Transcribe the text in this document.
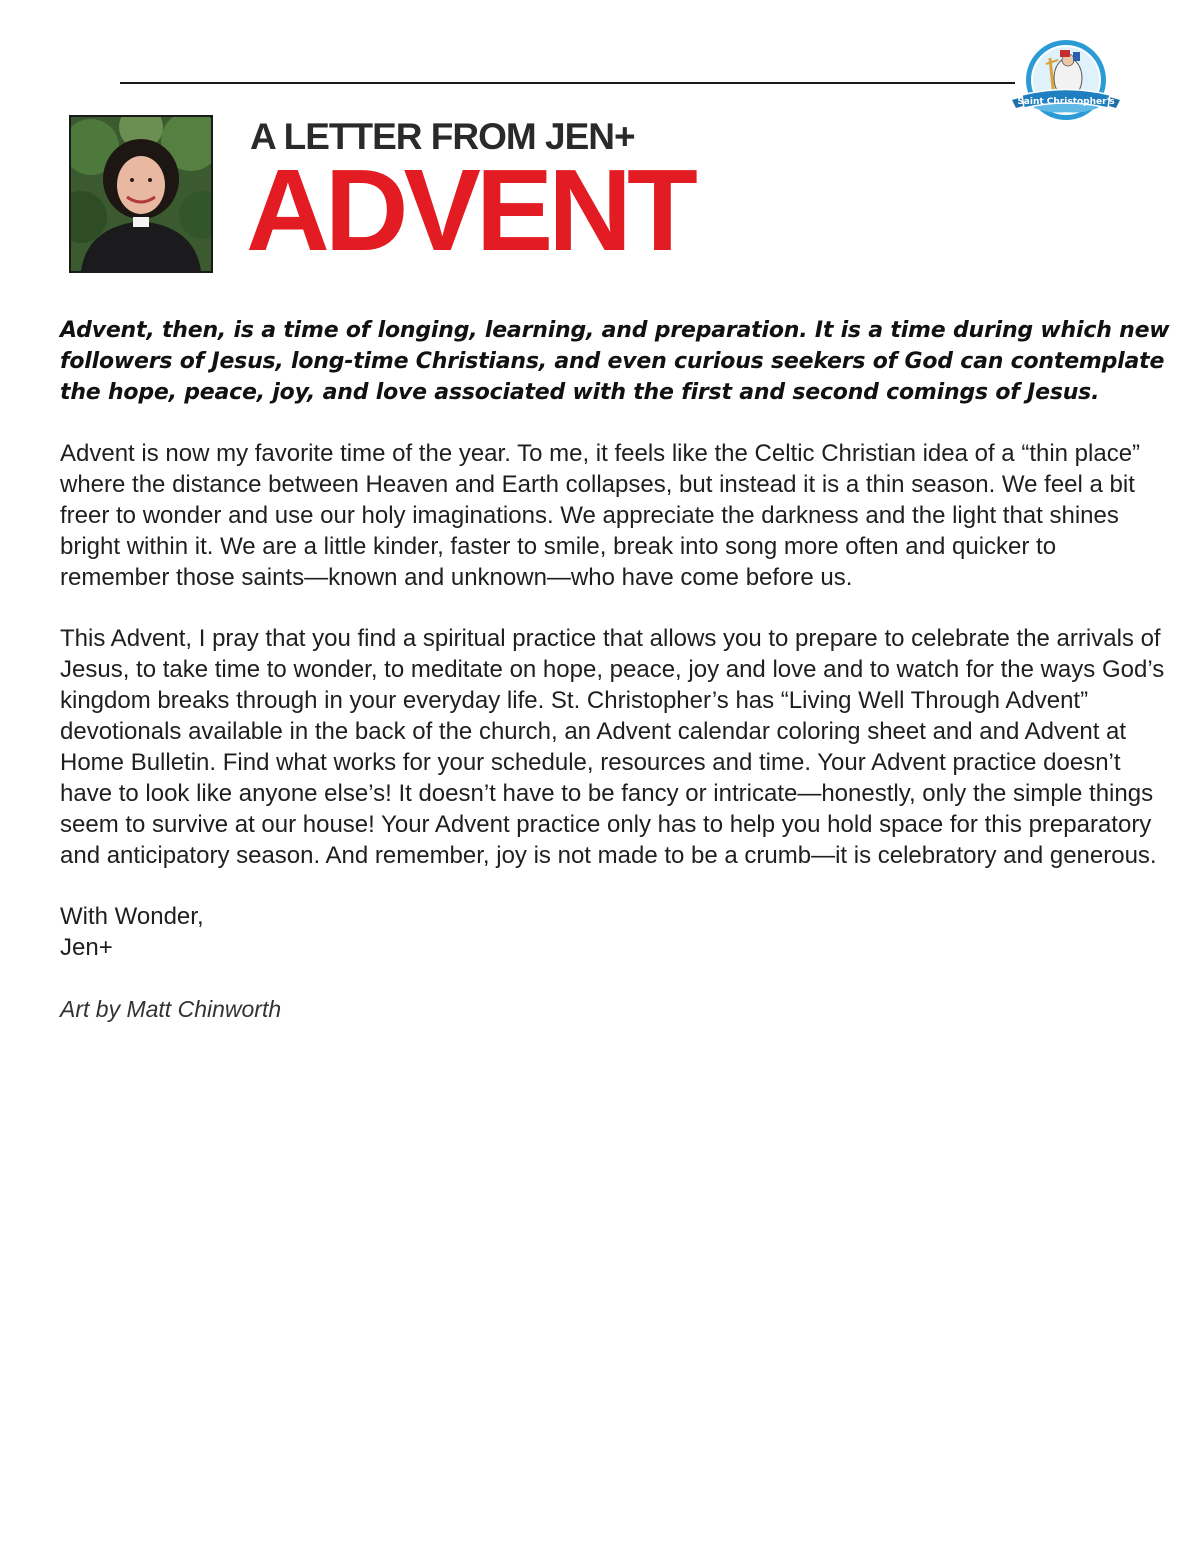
Saint Christopher's
A LETTER FROM JEN+
ADVENT

Advent, then, is a time of longing, learning, and preparation. It is a time during which new followers of Jesus, long-time Christians, and even curious seekers of God can contemplate the hope, peace, joy, and love associated with the first and second comings of Jesus.

Advent is now my favorite time of the year. To me, it feels like the Celtic Christian idea of a “thin place” where the distance between Heaven and Earth collapses, but instead it is a thin season. We feel a bit freer to wonder and use our holy imaginations. We appreciate the darkness and the light that shines bright within it. We are a little kinder, faster to smile, break into song more often and quicker to remember those saints—known and unknown—who have come before us.

This Advent, I pray that you find a spiritual practice that allows you to prepare to celebrate the arrivals of Jesus, to take time to wonder, to meditate on hope, peace, joy and love and to watch for the ways God’s kingdom breaks through in your everyday life. St. Christopher’s has “Living Well Through Advent” devotionals available in the back of the church, an Advent calendar coloring sheet and and Advent at Home Bulletin. Find what works for your schedule, resources and time. Your Advent practice doesn’t have to look like anyone else’s! It doesn’t have to be fancy or intricate—honestly, only the simple things seem to survive at our house! Your Advent practice only has to help you hold space for this preparatory and anticipatory season. And remember, joy is not made to be a crumb—it is celebratory and generous.

With Wonder,
Jen+

Art by Matt Chinworth
